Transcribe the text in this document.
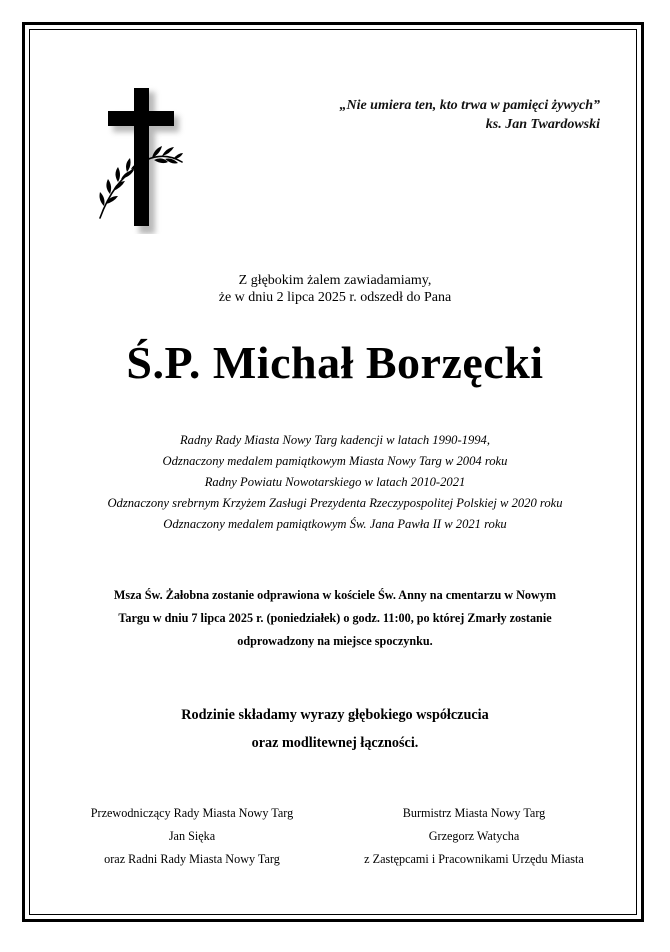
„Nie umiera ten, kto trwa w pamięci żywych”
ks. Jan Twardowski
Z głębokim żalem zawiadamiamy,
że w dniu 2 lipca 2025 r. odszedł do Pana
Ś.P. Michał Borzęcki
Radny Rady Miasta Nowy Targ kadencji w latach 1990-1994,
Odznaczony medalem pamiątkowym Miasta Nowy Targ w 2004 roku
Radny Powiatu Nowotarskiego w latach 2010-2021
Odznaczony srebrnym Krzyżem Zasługi Prezydenta Rzeczypospolitej Polskiej w 2020 roku
Odznaczony medalem pamiątkowym Św. Jana Pawła II w 2021 roku
Msza Św. Żałobna zostanie odprawiona w kościele Św. Anny na cmentarzu w Nowym
Targu w dniu 7 lipca 2025 r. (poniedziałek) o godz. 11:00, po której Zmarły zostanie
odprowadzony na miejsce spoczynku.
Rodzinie składamy wyrazy głębokiego współczucia
oraz modlitewnej łączności.
Przewodniczący Rady Miasta Nowy Targ
Jan Sięka
oraz Radni Rady Miasta Nowy Targ
Burmistrz Miasta Nowy Targ
Grzegorz Watycha
z Zastępcami i Pracownikami Urzędu Miasta
